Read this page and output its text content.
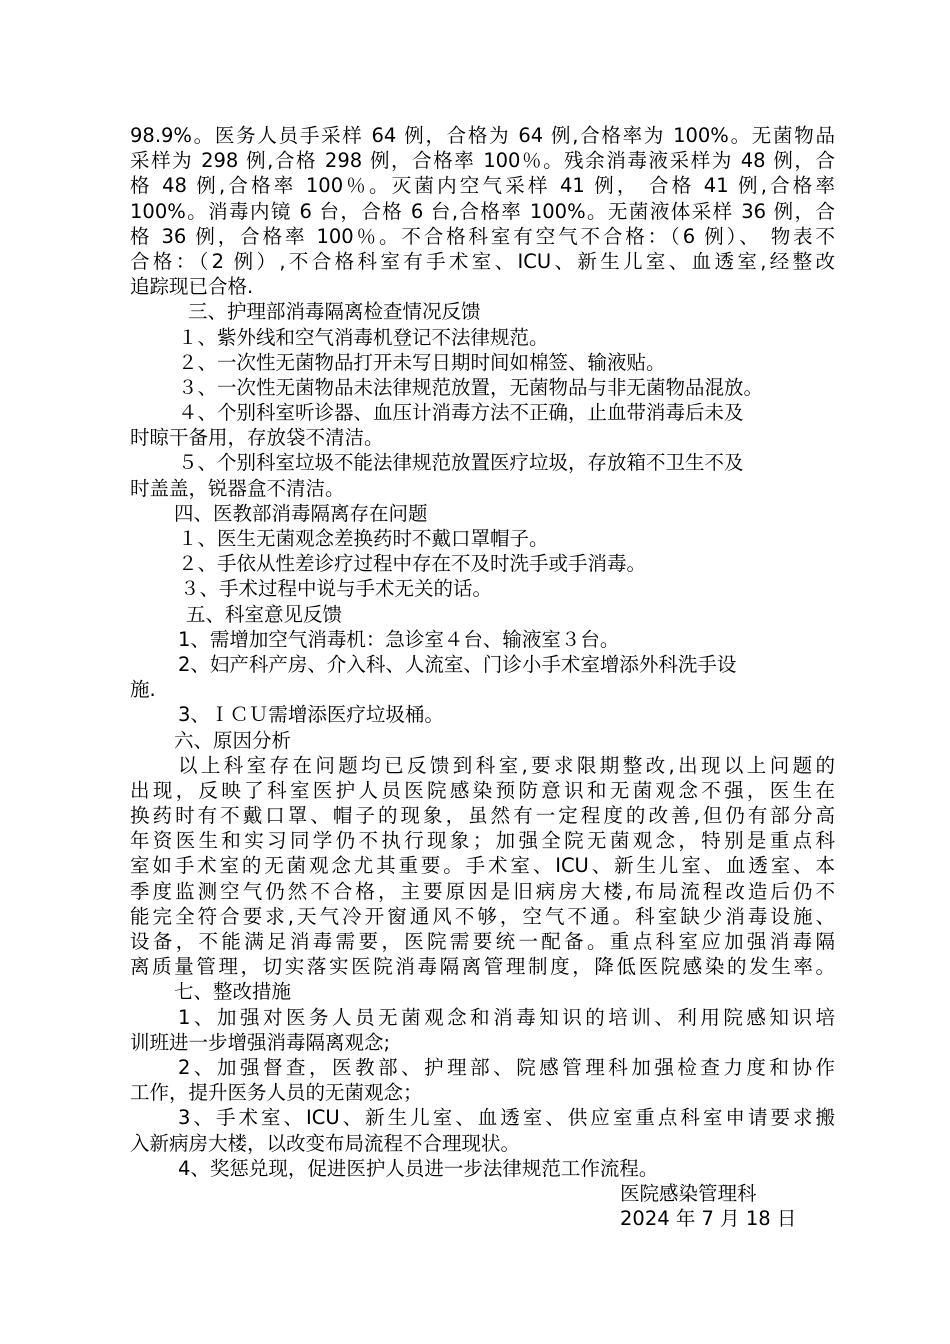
98.9%。医务人员手采样 64 例，合格为 64 例,合格率为 100%。无菌物品
采样为 298 例,合格 298 例，合格率 100％。残余消毒液采样为 48 例，合
格 48 例,合格率 100％。灭菌内空气采样 41 例， 合格 41 例,合格率
100%。消毒内镜 6 台，合格 6 台,合格率 100%。无菌液体采样 36 例，合
格 36 例，合格率 100％。不合格科室有空气不合格：（6 例）、 物表不
合格：（2 例）,不合格科室有手术室、ICU、新生儿室、血透室,经整改
追踪现已合格.
三、护理部消毒隔离检查情况反馈
１、紫外线和空气消毒机登记不法律规范。
２、一次性无菌物品打开未写日期时间如棉签、输液贴。
３、一次性无菌物品未法律规范放置，无菌物品与非无菌物品混放。
４、个别科室听诊器、血压计消毒方法不正确，止血带消毒后未及
时晾干备用，存放袋不清洁。
５、个别科室垃圾不能法律规范放置医疗垃圾，存放箱不卫生不及
时盖盖，锐器盒不清洁。
四、医教部消毒隔离存在问题
１、医生无菌观念差换药时不戴口罩帽子。
２、手依从性差诊疗过程中存在不及时洗手或手消毒。
３、手术过程中说与手术无关的话。
五、科室意见反馈
1、需增加空气消毒机：急诊室４台、输液室３台。
2、妇产科产房、介入科、人流室、门诊小手术室增添外科洗手设
施.
3、ＩＣＵ需增添医疗垃圾桶。
六、原因分析
以上科室存在问题均已反馈到科室,要求限期整改,出现以上问题的
出现，反映了科室医护人员医院感染预防意识和无菌观念不强，医生在
换药时有不戴口罩、帽子的现象，虽然有一定程度的改善,但仍有部分高
年资医生和实习同学仍不执行现象；加强全院无菌观念，特别是重点科
室如手术室的无菌观念尤其重要。手术室、ICU、新生儿室、血透室、本
季度监测空气仍然不合格，主要原因是旧病房大楼,布局流程改造后仍不
能完全符合要求,天气冷开窗通风不够，空气不通。科室缺少消毒设施、
设备，不能满足消毒需要，医院需要统一配备。重点科室应加强消毒隔
离质量管理，切实落实医院消毒隔离管理制度，降低医院感染的发生率。
七、整改措施
1、加强对医务人员无菌观念和消毒知识的培训、利用院感知识培
训班进一步增强消毒隔离观念;
2、加强督查，医教部、护理部、院感管理科加强检查力度和协作
工作，提升医务人员的无菌观念；
3、手术室、ICU、新生儿室、血透室、供应室重点科室申请要求搬
入新病房大楼，以改变布局流程不合理现状。
4、奖惩兑现，促进医护人员进一步法律规范工作流程。
医院感染管理科
2024 年 7 月 18 日
